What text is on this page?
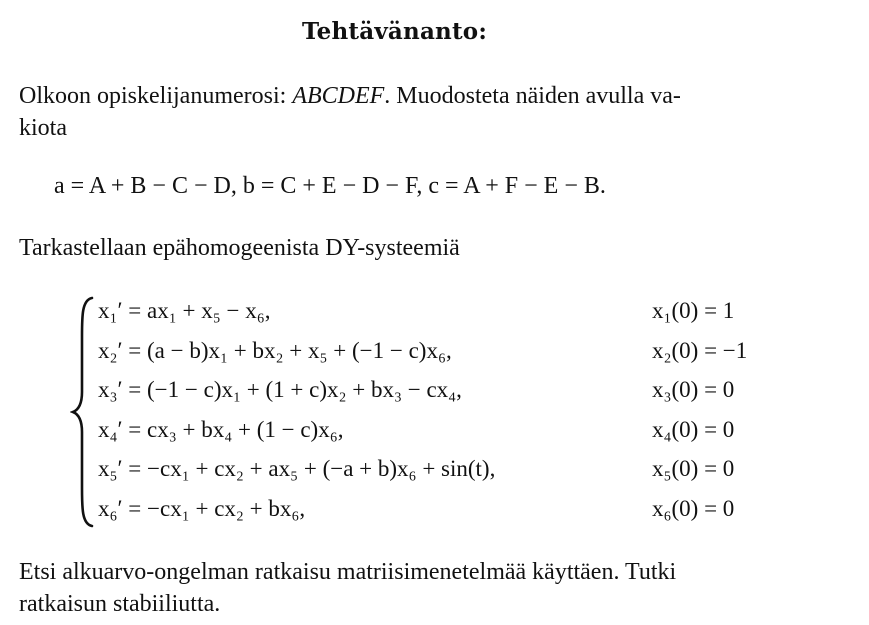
Tehtävänanto:
Olkoon opiskelijanumerosi: ABCDEF. Muodosteta näiden avulla va-
kiota
a = A + B − C − D, b = C + E − D − F, c = A + F − E − B.
Tarkastellaan epähomogeenista DY-systeemiä
x₁′ = ax₁ + x₅ − x₆,	x₁(0) = 1
x₂′ = (a − b)x₁ + bx₂ + x₅ + (−1 − c)x₆,	x₂(0) = −1
x₃′ = (−1 − c)x₁ + (1 + c)x₂ + bx₃ − cx₄,	x₃(0) = 0
x₄′ = cx₃ + bx₄ + (1 − c)x₆,	x₄(0) = 0
x₅′ = −cx₁ + cx₂ + ax₅ + (−a + b)x₆ + sin(t),	x₅(0) = 0
x₆′ = −cx₁ + cx₂ + bx₆,	x₆(0) = 0
Etsi alkuarvo-ongelman ratkaisu matriisimenetelmää käyttäen. Tutki
ratkaisun stabiiliutta.
